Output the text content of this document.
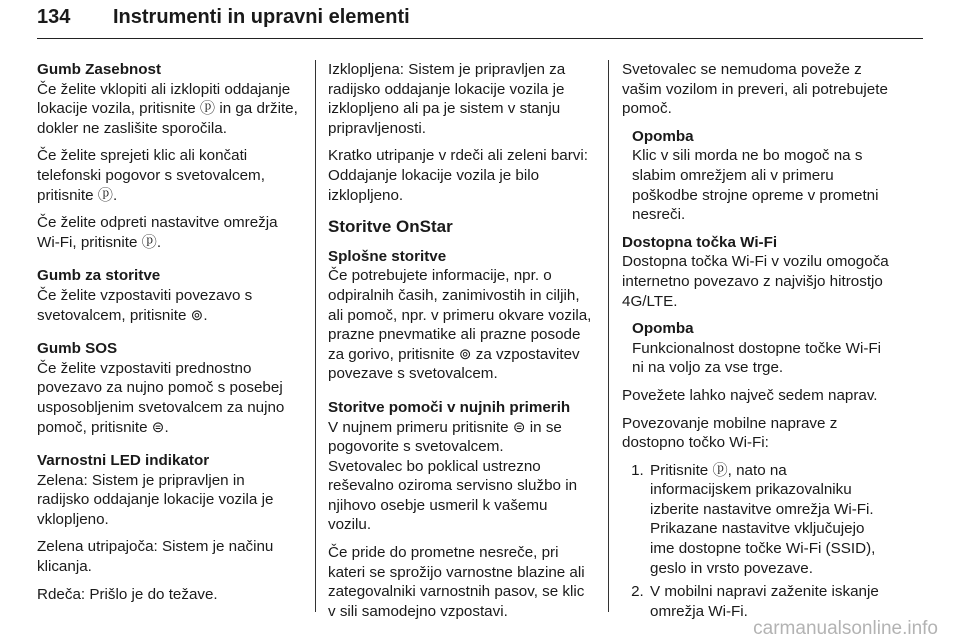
134 Instrumenti in upravni elementi

Gumb Zasebnost

Če želite vklopiti ali izklopiti oddajanje lokacije vozila, pritisnite ⓟ in ga držite, dokler ne zaslišite sporočila.

Če želite sprejeti klic ali končati telefonski pogovor s svetovalcem, pritisnite ⓟ.

Če želite odpreti nastavitve omrežja Wi-Fi, pritisnite ⓟ.

Gumb za storitve

Če želite vzpostaviti povezavo s svetovalcem, pritisnite ⊚.

Gumb SOS

Če želite vzpostaviti prednostno povezavo za nujno pomoč s posebej usposobljenim svetovalcem za nujno pomoč, pritisnite ⊜.

Varnostni LED indikator

Zelena: Sistem je pripravljen in radijsko oddajanje lokacije vozila je vklopljeno.

Zelena utripajoča: Sistem je načinu klicanja.

Rdeča: Prišlo je do težave.

Izklopljena: Sistem je pripravljen za radijsko oddajanje lokacije vozila je izklopljeno ali pa je sistem v stanju pripravljenosti.

Kratko utripanje v rdeči ali zeleni barvi: Oddajanje lokacije vozila je bilo izklopljeno.

Storitve OnStar

Splošne storitve

Če potrebujete informacije, npr. o odpiralnih časih, zanimivostih in ciljih, ali pomoč, npr. v primeru okvare vozila, prazne pnevmatike ali prazne posode za gorivo, pritisnite ⊚ za vzpostavitev povezave s svetovalcem.

Storitve pomoči v nujnih primerih

V nujnem primeru pritisnite ⊜ in se pogovorite s svetovalcem.

Svetovalec bo poklical ustrezno reševalno oziroma servisno službo in njihovo osebje usmeril k vašemu vozilu.

Če pride do prometne nesreče, pri kateri se sprožijo varnostne blazine ali zategovalniki varnostnih pasov, se klic v sili samodejno vzpostavi.

Svetovalec se nemudoma poveže z vašim vozilom in preveri, ali potrebujete pomoč.

Opomba

Klic v sili morda ne bo mogoč na s slabim omrežjem ali v primeru poškodbe strojne opreme v prometni nesreči.

Dostopna točka Wi-Fi

Dostopna točka Wi-Fi v vozilu omogoča internetno povezavo z najvišjo hitrostjo 4G/LTE.

Opomba

Funkcionalnost dostopne točke Wi-Fi ni na voljo za vse trge.

Povežete lahko največ sedem naprav.

Povezovanje mobilne naprave z dostopno točko Wi-Fi:

1. Pritisnite ⓟ, nato na informacijskem prikazovalniku izberite nastavitve omrežja Wi-Fi. Prikazane nastavitve vključujejo ime dostopne točke Wi-Fi (SSID), geslo in vrsto povezave.
2. V mobilni napravi zaženite iskanje omrežja Wi-Fi.
carmanualsonline.info
